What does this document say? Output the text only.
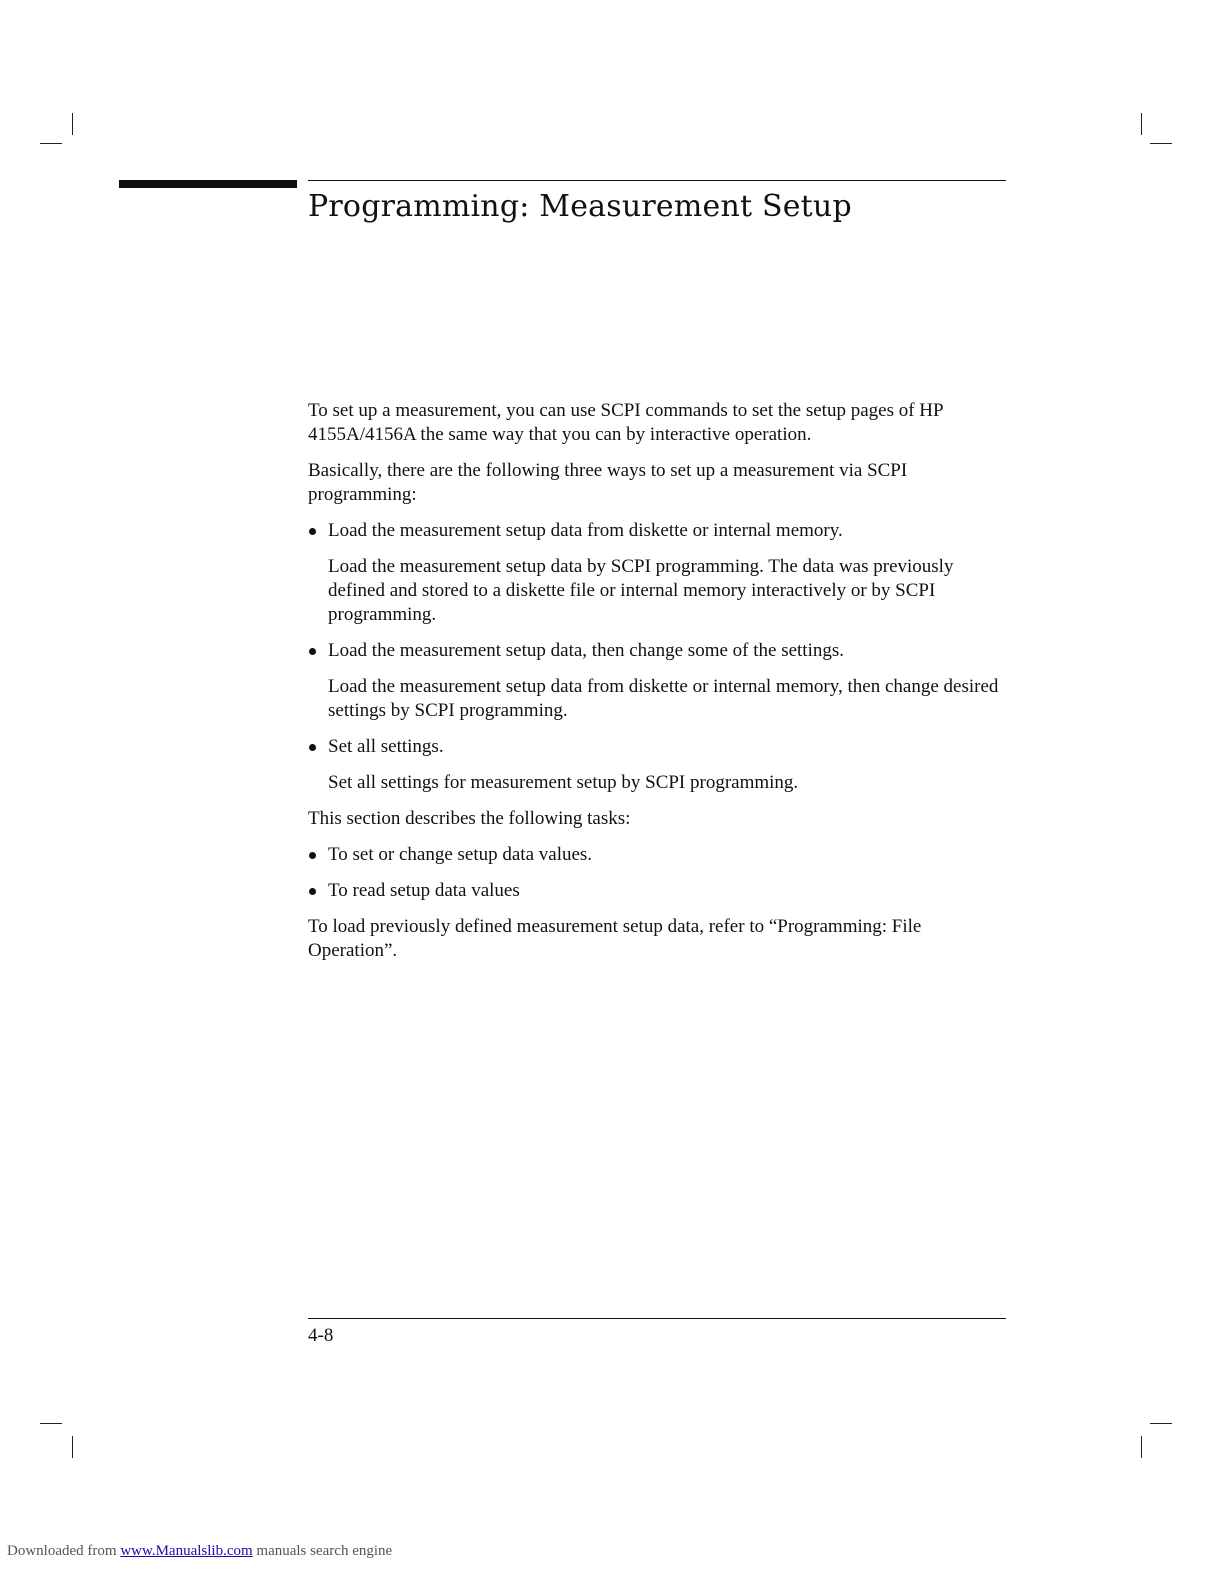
Programming: Measurement Setup

To set up a measurement, you can use SCPI commands to set the setup pages of HP 4155A/4156A the same way that you can by interactive operation.

Basically, there are the following three ways to set up a measurement via SCPI programming:

Load the measurement setup data from diskette or internal memory.

Load the measurement setup data by SCPI programming. The data was previously defined and stored to a diskette file or internal memory interactively or by SCPI programming.

Load the measurement setup data, then change some of the settings.

Load the measurement setup data from diskette or internal memory, then change desired settings by SCPI programming.

Set all settings.

Set all settings for measurement setup by SCPI programming.

This section describes the following tasks:

To set or change setup data values.
To read setup data values

To load previously defined measurement setup data, refer to “Programming: File Operation”.

4-8
Downloaded from www.Manualslib.com manuals search engine
